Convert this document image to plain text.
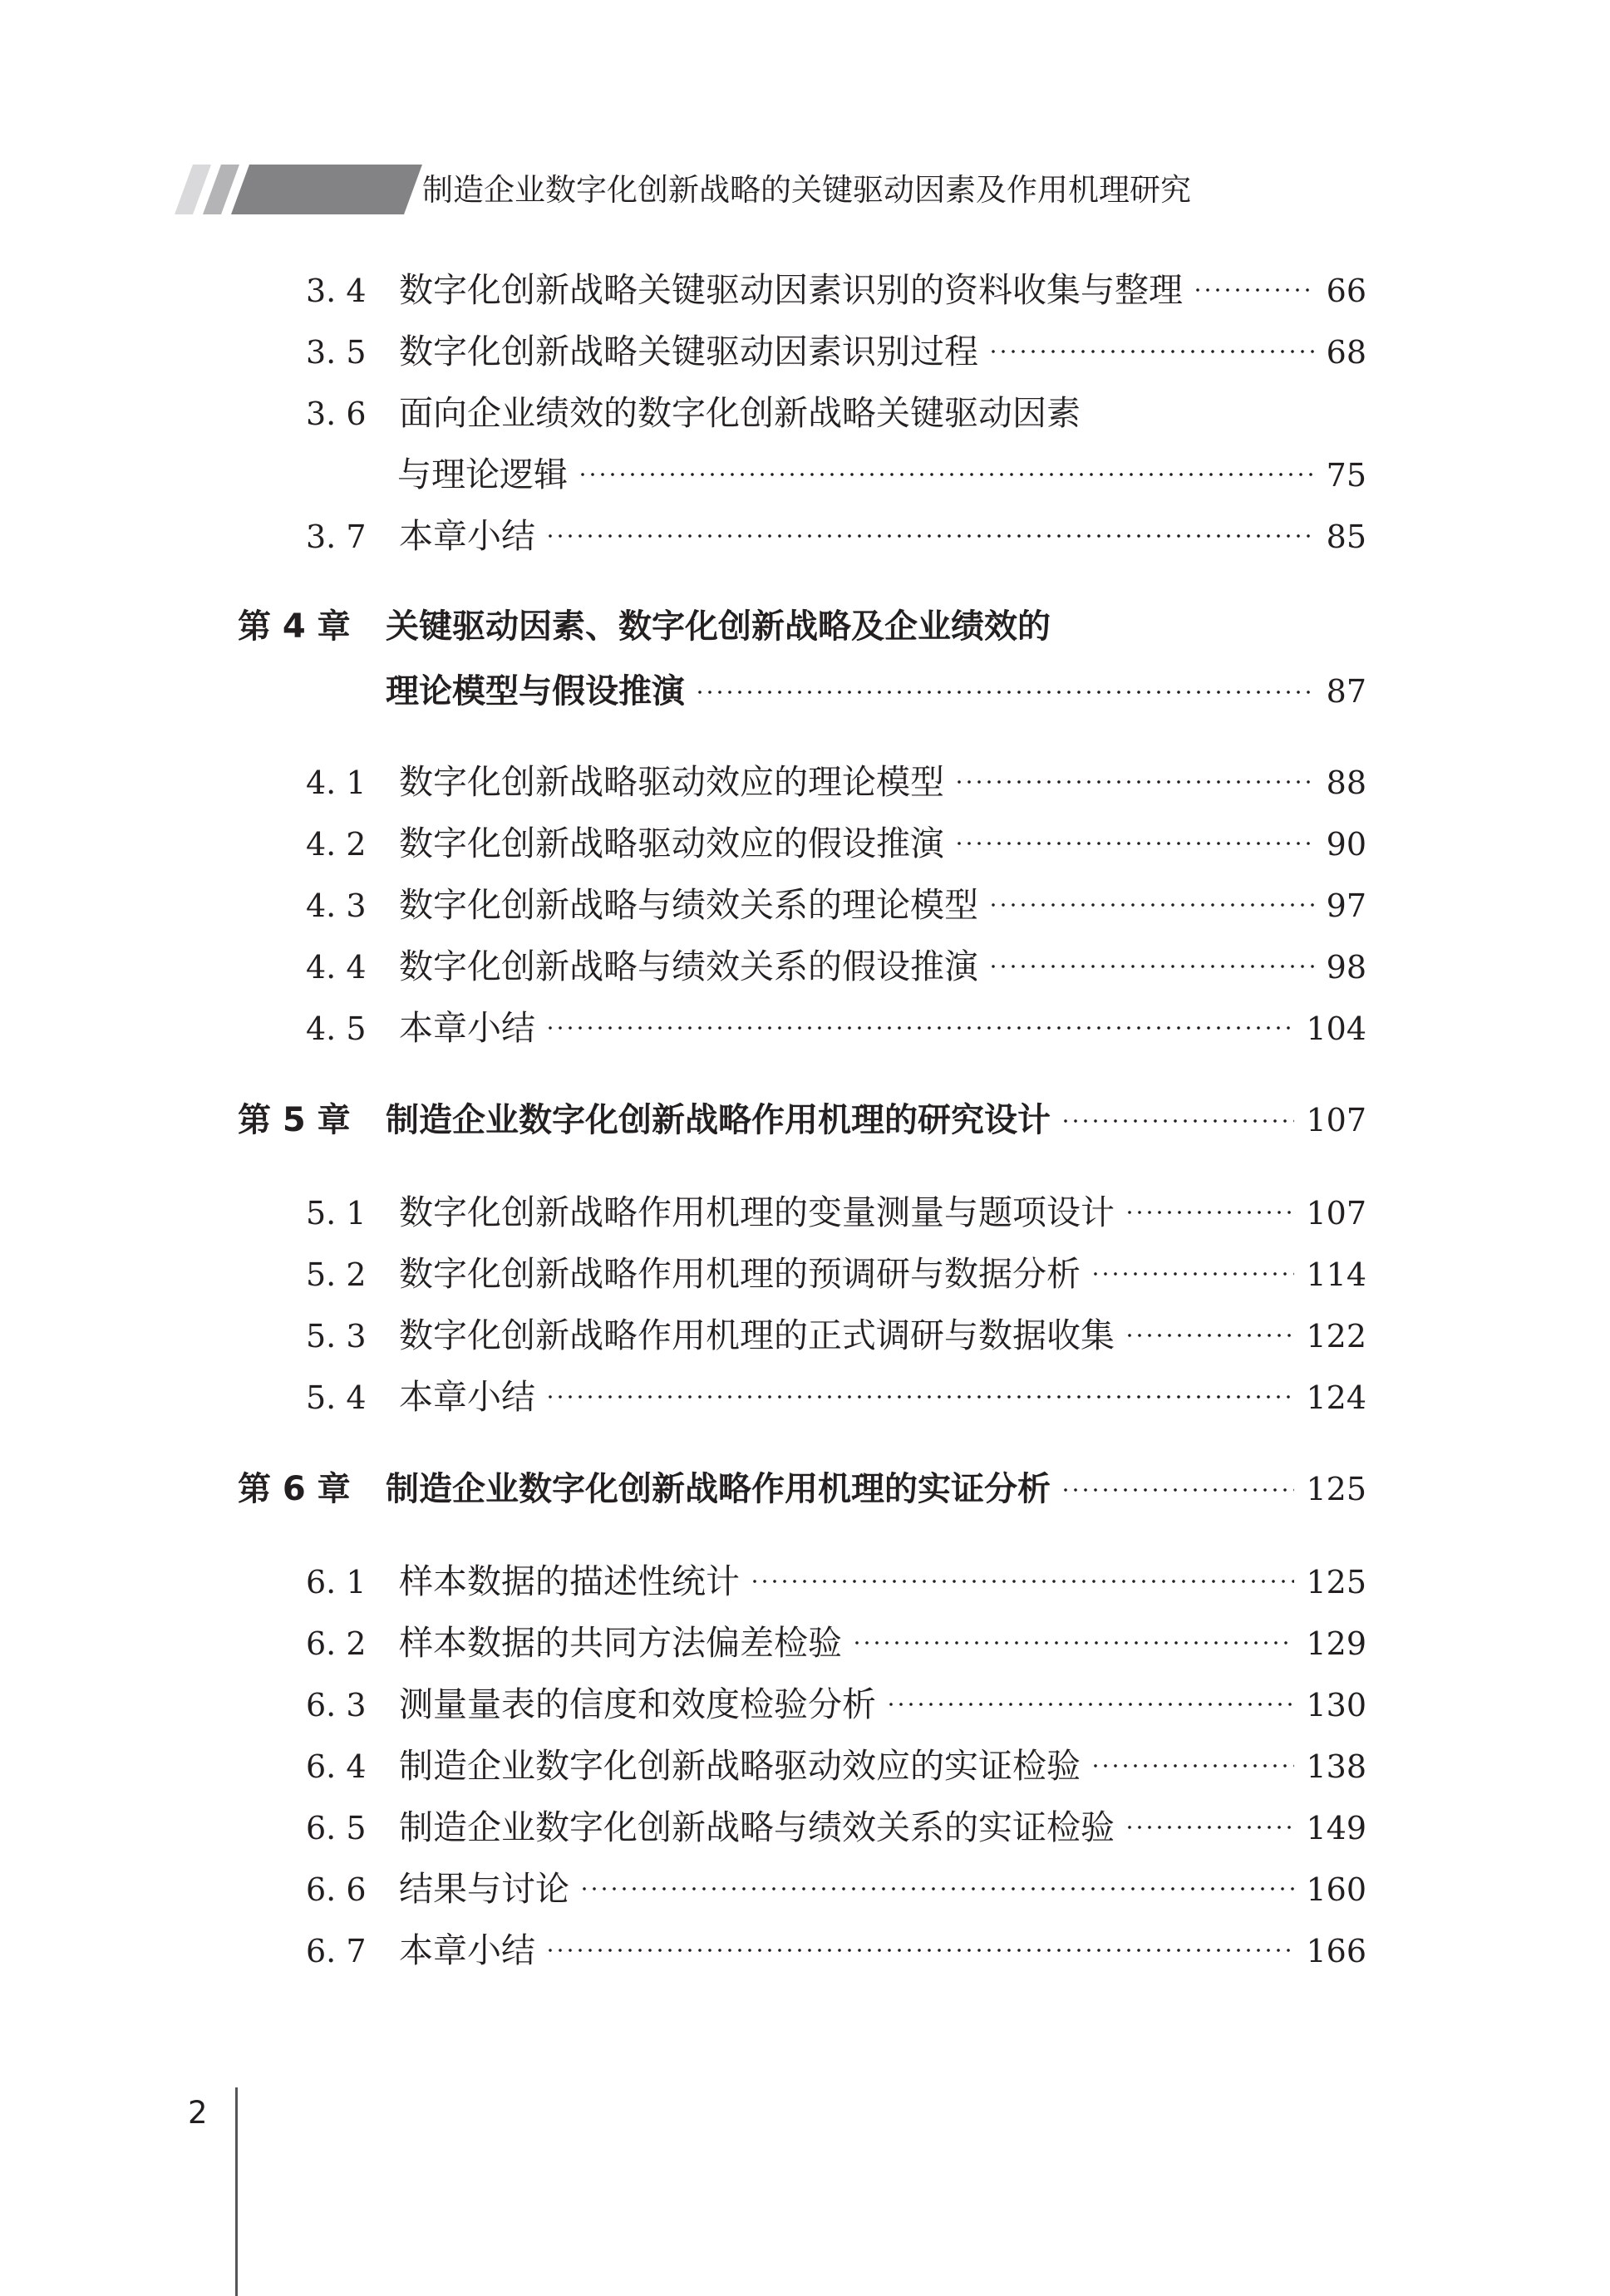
制造企业数字化创新战略的关键驱动因素及作用机理研究
3. 4 数字化创新战略关键驱动因素识别的资料收集与整理	66
3. 5 数字化创新战略关键驱动因素识别过程	68
3. 6 面向企业绩效的数字化创新战略关键驱动因素
与理论逻辑	75
3. 7 本章小结	85
第 4 章	关键驱动因素、数字化创新战略及企业绩效的
理论模型与假设推演	87
4. 1 数字化创新战略驱动效应的理论模型	88
4. 2 数字化创新战略驱动效应的假设推演	90
4. 3 数字化创新战略与绩效关系的理论模型	97
4. 4 数字化创新战略与绩效关系的假设推演	98
4. 5 本章小结	104
第 5 章	制造企业数字化创新战略作用机理的研究设计	107
5. 1 数字化创新战略作用机理的变量测量与题项设计	107
5. 2 数字化创新战略作用机理的预调研与数据分析	114
5. 3 数字化创新战略作用机理的正式调研与数据收集	122
5. 4 本章小结	124
第 6 章	制造企业数字化创新战略作用机理的实证分析	125
6. 1 样本数据的描述性统计	125
6. 2 样本数据的共同方法偏差检验	129
6. 3 测量量表的信度和效度检验分析	130
6. 4 制造企业数字化创新战略驱动效应的实证检验	138
6. 5 制造企业数字化创新战略与绩效关系的实证检验	149
6. 6 结果与讨论	160
6. 7 本章小结	166
2
